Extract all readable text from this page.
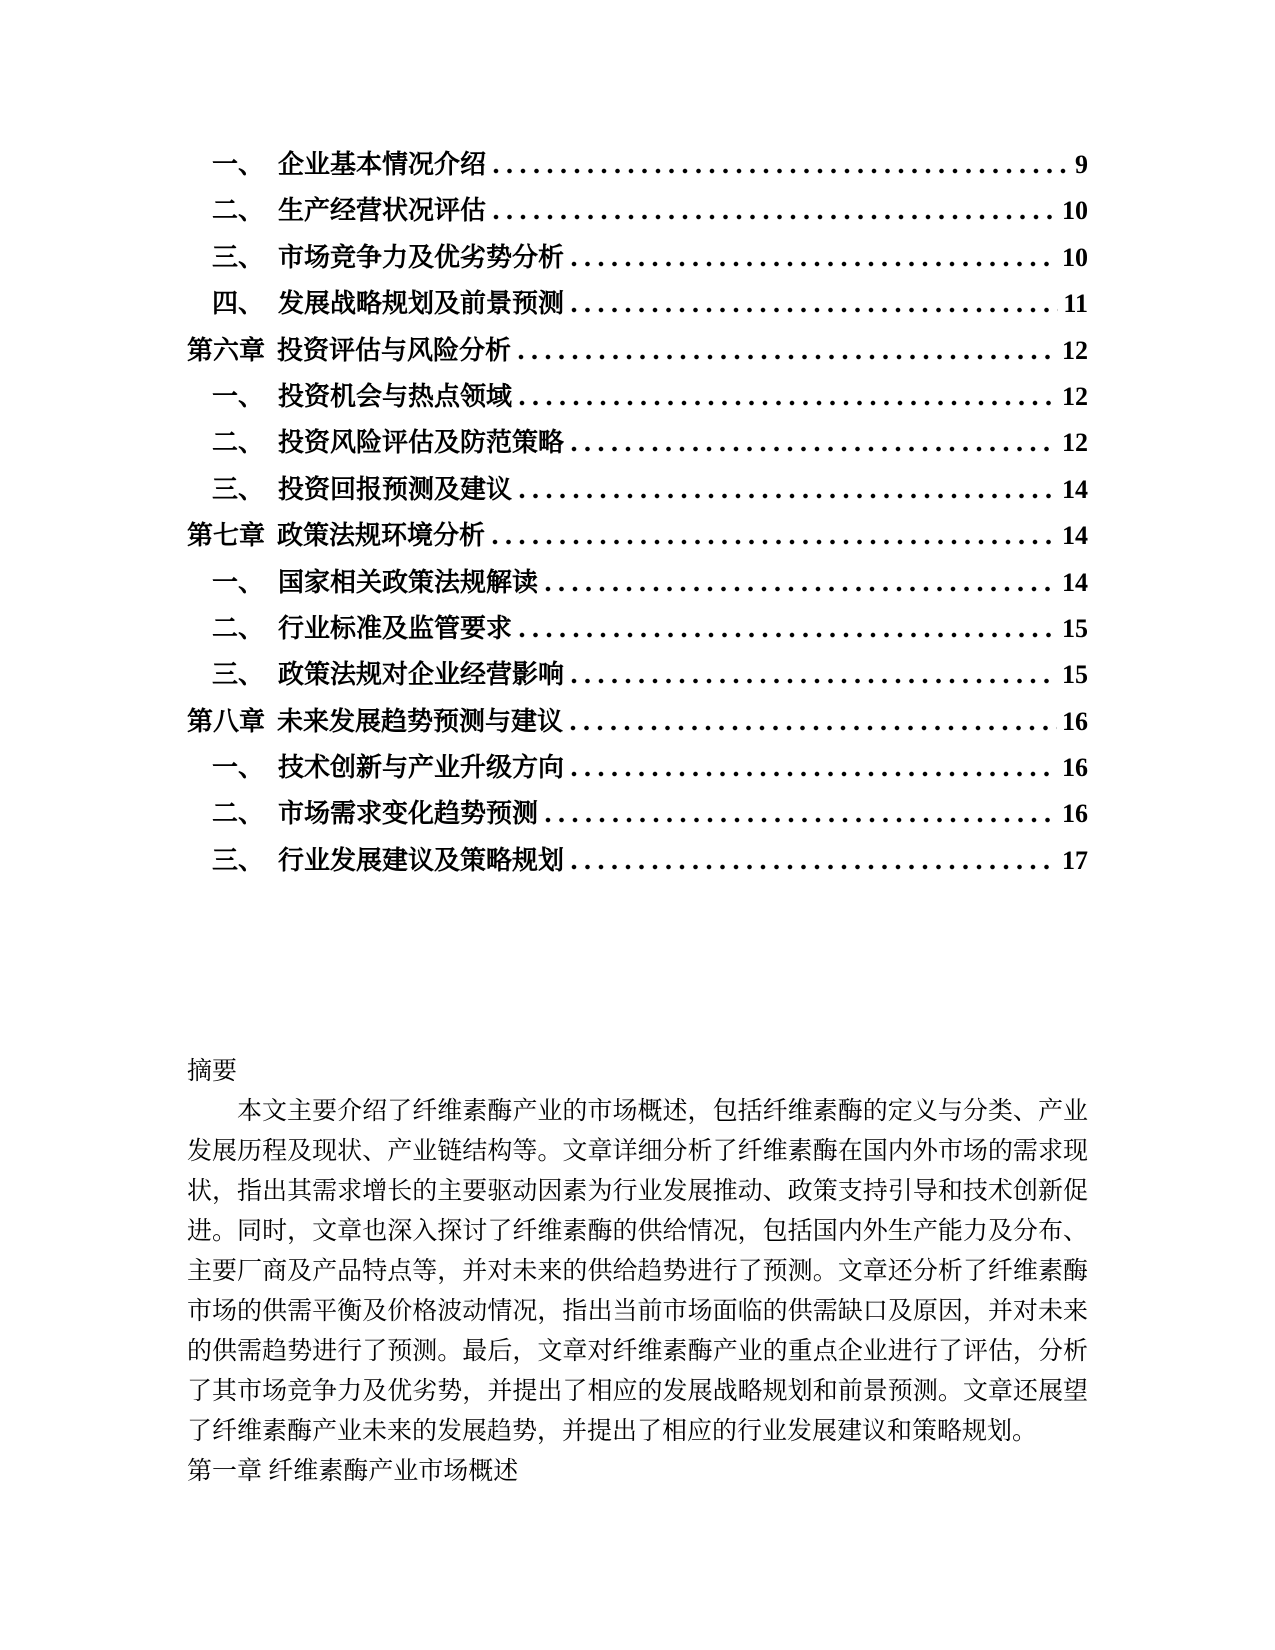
一、 企业基本情况介绍	9
二、 生产经营状况评估	10
三、 市场竞争力及优劣势分析	10
四、 发展战略规划及前景预测	11
第六章 投资评估与风险分析	12
一、 投资机会与热点领域	12
二、 投资风险评估及防范策略	12
三、 投资回报预测及建议	14
第七章 政策法规环境分析	14
一、 国家相关政策法规解读	14
二、 行业标准及监管要求	15
三、 政策法规对企业经营影响	15
第八章 未来发展趋势预测与建议	16
一、 技术创新与产业升级方向	16
二、 市场需求变化趋势预测	16
三、 行业发展建议及策略规划	17
摘要

本文主要介绍了纤维素酶产业的市场概述，包括纤维素酶的定义与分类、产业发展历程及现状、产业链结构等。文章详细分析了纤维素酶在国内外市场的需求现状，指出其需求增长的主要驱动因素为行业发展推动、政策支持引导和技术创新促进。同时，文章也深入探讨了纤维素酶的供给情况，包括国内外生产能力及分布、主要厂商及产品特点等，并对未来的供给趋势进行了预测。文章还分析了纤维素酶市场的供需平衡及价格波动情况，指出当前市场面临的供需缺口及原因，并对未来的供需趋势进行了预测。最后，文章对纤维素酶产业的重点企业进行了评估，分析了其市场竞争力及优劣势，并提出了相应的发展战略规划和前景预测。文章还展望了纤维素酶产业未来的发展趋势，并提出了相应的行业发展建议和策略规划。

第一章 纤维素酶产业市场概述
